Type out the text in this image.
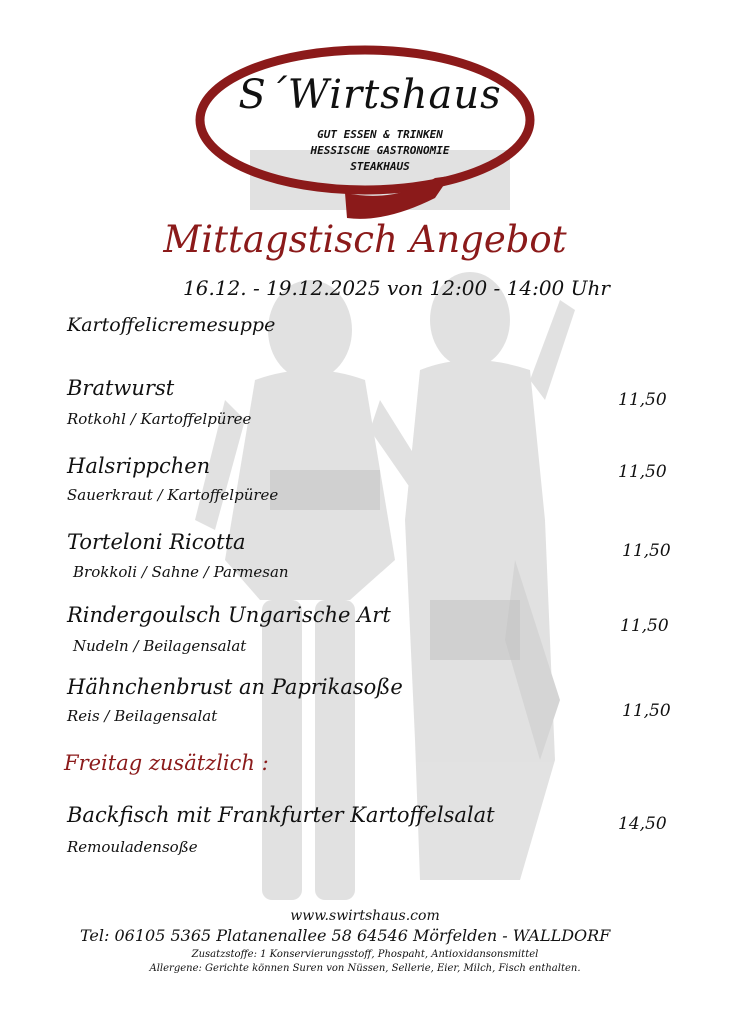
S´Wirtshaus
GUT ESSEN & TRINKEN
HESSISCHE GASTRONOMIE
STEAKHAUS
Mittagstisch Angebot
16.12. - 19.12.2025 von 12:00 - 14:00 Uhr
Kartoffelicremesuppe
Bratwurst
Rotkohl / Kartoffelpüree
11,50
Halsrippchen
Sauerkraut / Kartoffelpüree
11,50
Torteloni Ricotta
Brokkoli / Sahne / Parmesan
11,50
Rindergoulsch Ungarische Art
Nudeln / Beilagensalat
11,50
Hähnchenbrust an Paprikasoße
Reis / Beilagensalat	11,50
Freitag zusätzlich :
Backfisch mit Frankfurter Kartoffelsalat
Remouladensoße
14,50
www.swirtshaus.com
Tel: 06105 5365 Platanenallee 58 64546 Mörfelden - WALLDORF
Zusatzstoffe: 1 Konservierungsstoff, Phospaht, Antioxidansonsmittel
Allergene: Gerichte können Suren von Nüssen, Sellerie, Eier, Milch, Fisch enthalten.
